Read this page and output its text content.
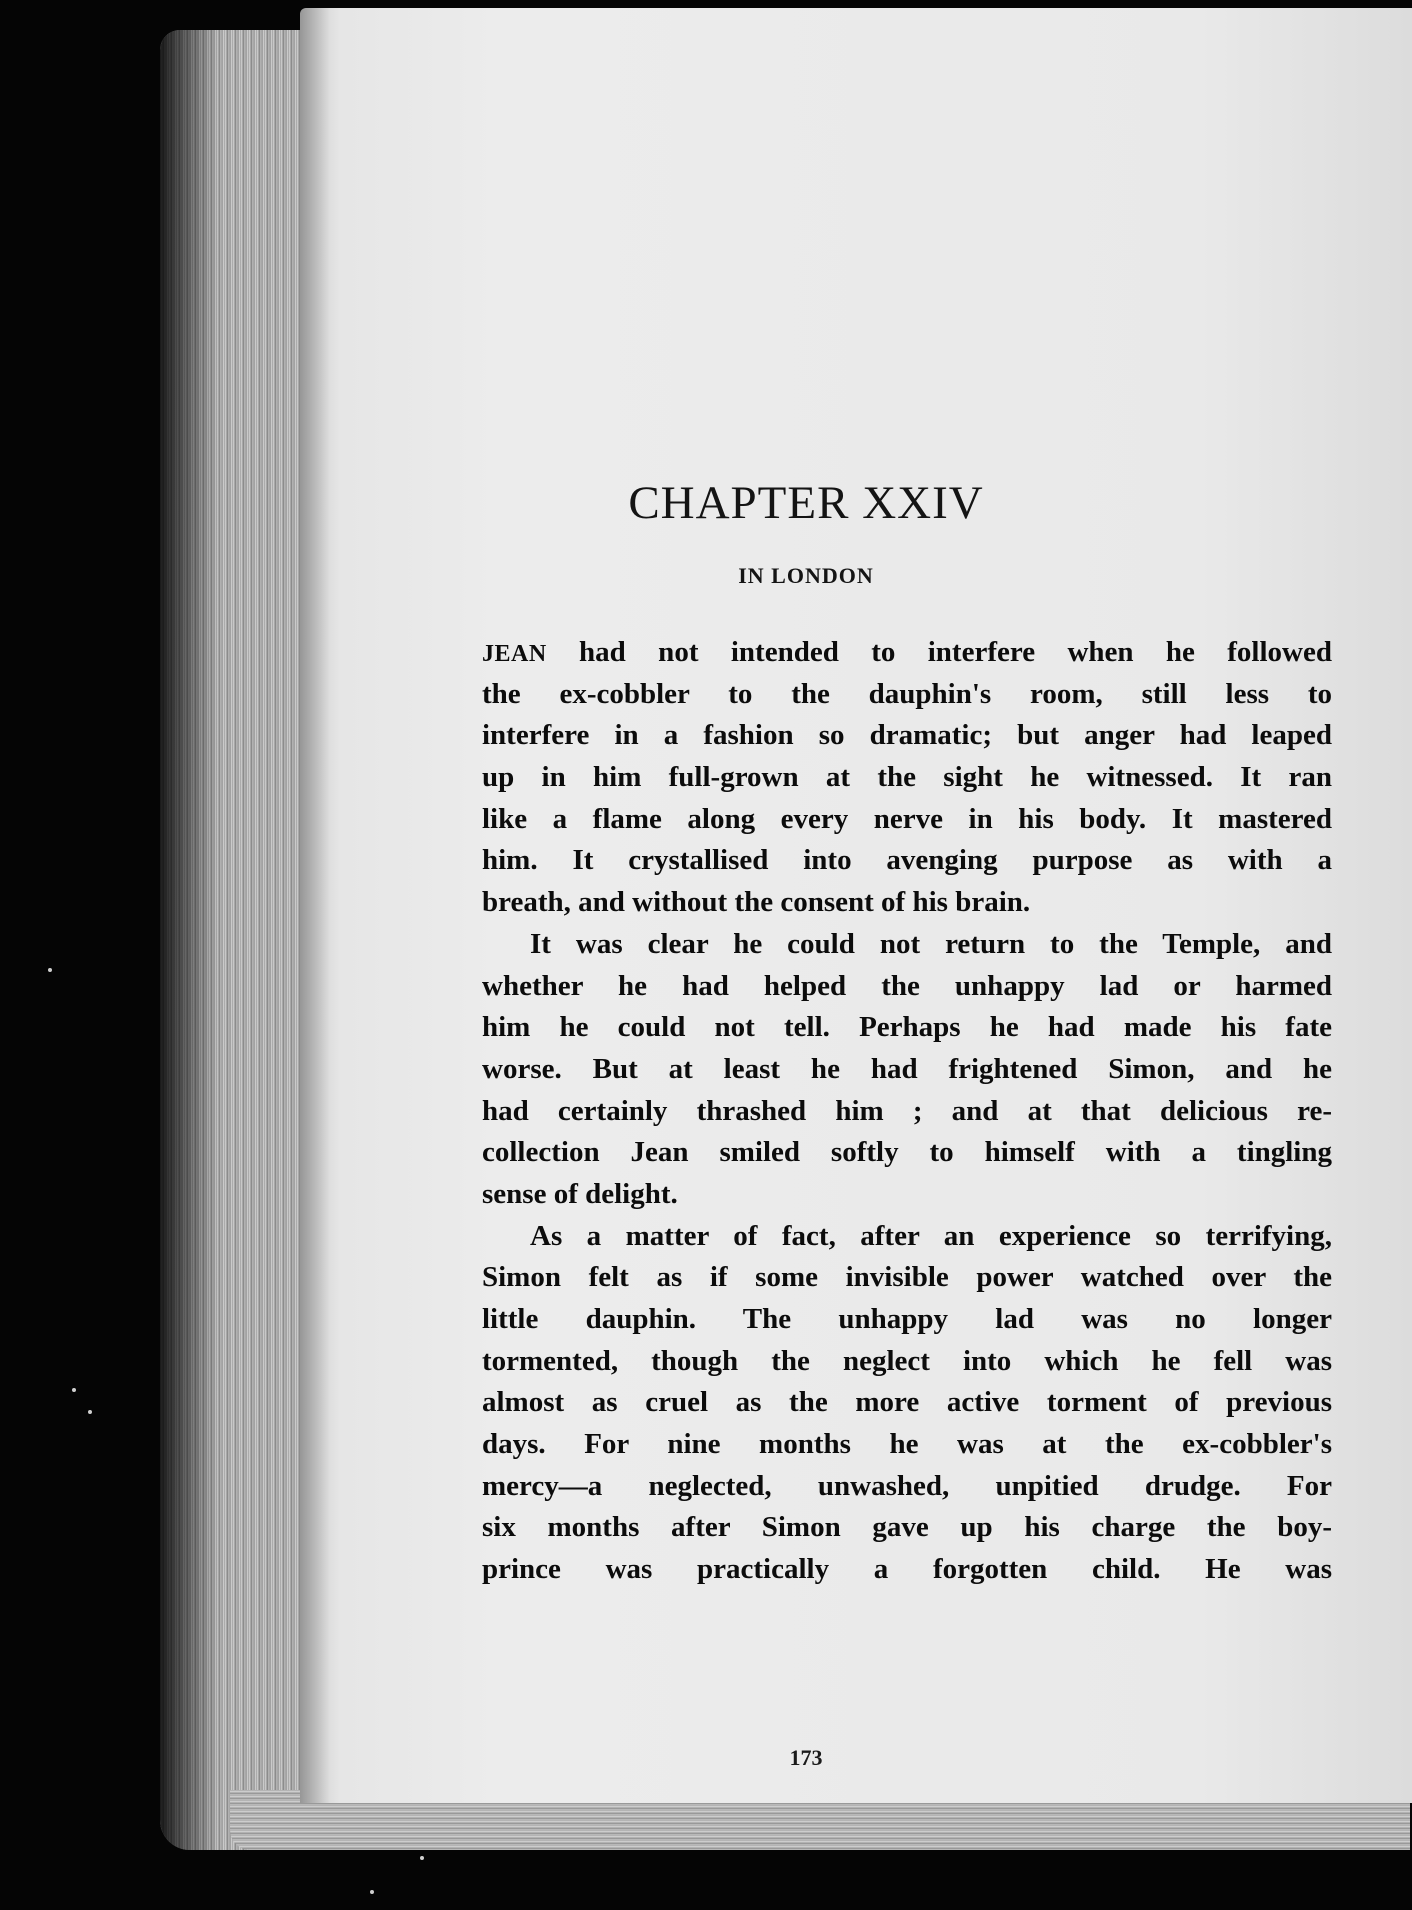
CHAPTER XXIV
IN LONDON
JEAN had not intended to interfere when he followed
the ex-cobbler to the dauphin's room, still less to
interfere in a fashion so dramatic; but anger had leaped
up in him full-grown at the sight he witnessed. It ran
like a flame along every nerve in his body. It mastered
him. It crystallised into avenging purpose as with a
breath, and without the consent of his brain.
It was clear he could not return to the Temple, and
whether he had helped the unhappy lad or harmed
him he could not tell. Perhaps he had made his fate
worse. But at least he had frightened Simon, and he
had certainly thrashed him ; and at that delicious re-
collection Jean smiled softly to himself with a tingling
sense of delight.
As a matter of fact, after an experience so terrifying,
Simon felt as if some invisible power watched over the
little dauphin. The unhappy lad was no longer
tormented, though the neglect into which he fell was
almost as cruel as the more active torment of previous
days. For nine months he was at the ex-cobbler's
mercy—a neglected, unwashed, unpitied drudge. For
six months after Simon gave up his charge the boy-
prince was practically a forgotten child. He was
173
